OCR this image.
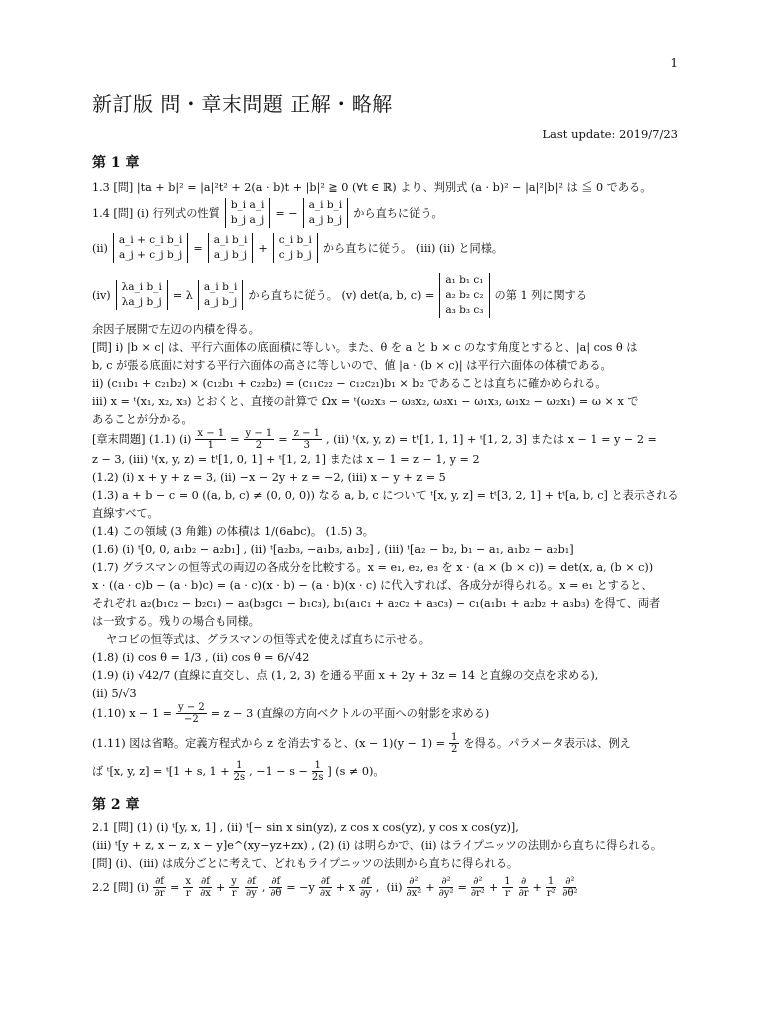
1
新訂版 問・章末問題 正解・略解
Last update: 2019/7/23
第 1 章
1.3 [問] |ta + b|² = |a|²t² + 2(a · b)t + |b|² ≧ 0 (∀t ∈ ℝ) より、判別式 (a · b)² − |a|²|b|² は ≦ 0 である。
1.4 [問] (i) 行列式の性質
b_i a_i
b_j a_j
= −
a_i b_i
a_j b_j から直ちに従う。
(ii)
a_i + c_i b_i
a_j + c_j b_j
=
a_i b_i
a_j b_j
+
c_i b_i
c_j b_j から直ちに従う。 (iii) (ii) と同様。
(iv)
λa_i b_i
λa_j b_j
= λ
a_i b_i
a_j b_j から直ちに従う。 (v) det(a, b, c) =
a₁ b₁ c₁
a₂ b₂ c₂
a₃ b₃ c₃
の第 1 列に関する
余因子展開で左辺の内積を得る。
[問] i) |b × c| は、平行六面体の底面積に等しい。また、θ を a と b × c のなす角度とすると、|a| cos θ は
b, c が張る底面に対する平行六面体の高さに等しいので、値 |a · (b × c)| は平行六面体の体積である。
ii) (c₁₁b₁ + c₂₁b₂) × (c₁₂b₁ + c₂₂b₂) = (c₁₁c₂₂ − c₁₂c₂₁)b₁ × b₂ であることは直ちに確かめられる。
iii) x = ᵗ(x₁, x₂, x₃) とおくと、直接の計算で Ωx = ᵗ(ω₂x₃ − ω₃x₂, ω₃x₁ − ω₁x₃, ω₁x₂ − ω₂x₁) = ω × x で
あることが分かる。
[章末問題] (1.1) $(i) \frac{x - 1}{1} = \frac{y - 1}{2} = \frac{z - 1}{3}$ , (ii) ᵗ(x, y, z) = tᵗ[1, 1, 1] + ᵗ[1, 2, 3] または x − 1 = y − 2 =
z − 3, (iii) ᵗ(x, y, z) = tᵗ[1, 0, 1] + ᵗ[1, 2, 1] または x − 1 = z − 1, y = 2
(1.2) (i) x + y + z = 3, (ii) −x − 2y + z = −2, (iii) x − y + z = 5
(1.3) a + b − c = 0 ((a, b, c) ≠ (0, 0, 0)) なる a, b, c について ᵗ[x, y, z] = tᵗ[3, 2, 1] + tᵗ[a, b, c] と表示される
直線すべて。
(1.4) この領域 (3 角錐) の体積は 1/(6abc)。 (1.5) 3。
(1.6) (i) ᵗ[0, 0, a₁b₂ − a₂b₁] , (ii) ᵗ[a₂b₃, −a₁b₃, a₁b₂] , (iii) ᵗ[a₂ − b₂, b₁ − a₁, a₁b₂ − a₂b₁]
(1.7) グラスマンの恒等式の両辺の各成分を比較する。x = e₁, e₂, e₃ を x · (a × (b × c)) = det(x, a, (b × c))
x · ((a · c)b − (a · b)c) = (a · c)(x · b) − (a · b)(x · c) に代入すれば、各成分が得られる。x = e₁ とすると、
それぞれ a₂(b₁c₂ − b₂c₁) − a₃(b₃gc₁ − b₁c₃), b₁(a₁c₁ + a₂c₂ + a₃c₃) − c₁(a₁b₁ + a₂b₂ + a₃b₃) を得て、両者
は一致する。残りの場合も同様。
ヤコビの恒等式は、グラスマンの恒等式を使えば直ちに示せる。
(1.8) (i) cos θ = 1/3 , (ii) cos θ = 6/√42
(1.9) (i) √42/7 (直線に直交し、点 (1, 2, 3) を通る平面 x + 2y + 3z = 14 と直線の交点を求める),
(ii) 5/√3
(1.10) $x - 1 = \frac{y - 2}{-2} = z - 3$ (直線の方向ベクトルの平面への射影を求める)
(1.11) 図は省略。定義方程式から z を消去すると、$(x - 1)(y - 1) = \frac{1}{2}$ を得る。パラメータ表示は、例え
ば ᵗ[x, y, z] = ᵗ[1 + s, $1 + \frac{1}{2s}$ , $-1 - s - \frac{1}{2s}$ ] (s ≠ 0)。
第 2 章
2.1 [問] (1) (i) ᵗ[y, x, 1] , (ii) ᵗ[− sin x sin(yz), z cos x cos(yz), y cos x cos(yz)],
(iii) ᵗ[y + z, x − z, x − y]e^(xy−yz+zx) , (2) (i) は明らかで、(ii) はライプニッツの法則から直ちに得られる。
[問] (i)、(iii) は成分ごとに考えて、どれもライプニッツの法則から直ちに得られる。
2.2 [問] $(i) \frac{\partial f}{\partial r} = \frac{x}{r} \frac{\partial f}{\partial x} + \frac{y}{r} \frac{\partial f}{\partial y}$ , $\frac{\partial f}{\partial\theta} = -y \frac{\partial f}{\partial x} + x \frac{\partial f}{\partial y}$ ,  $(ii) \frac{\text{∂²}}{\text{∂x²}} + \frac{\text{∂²}}{\text{∂y²}} = \frac{\text{∂²}}{\text{∂r²}} + \frac{1}{r} \frac{\partial}{\partial r} + \frac{1}{\text{r²}} \frac{\text{∂²}}{\text{∂θ²}}$
